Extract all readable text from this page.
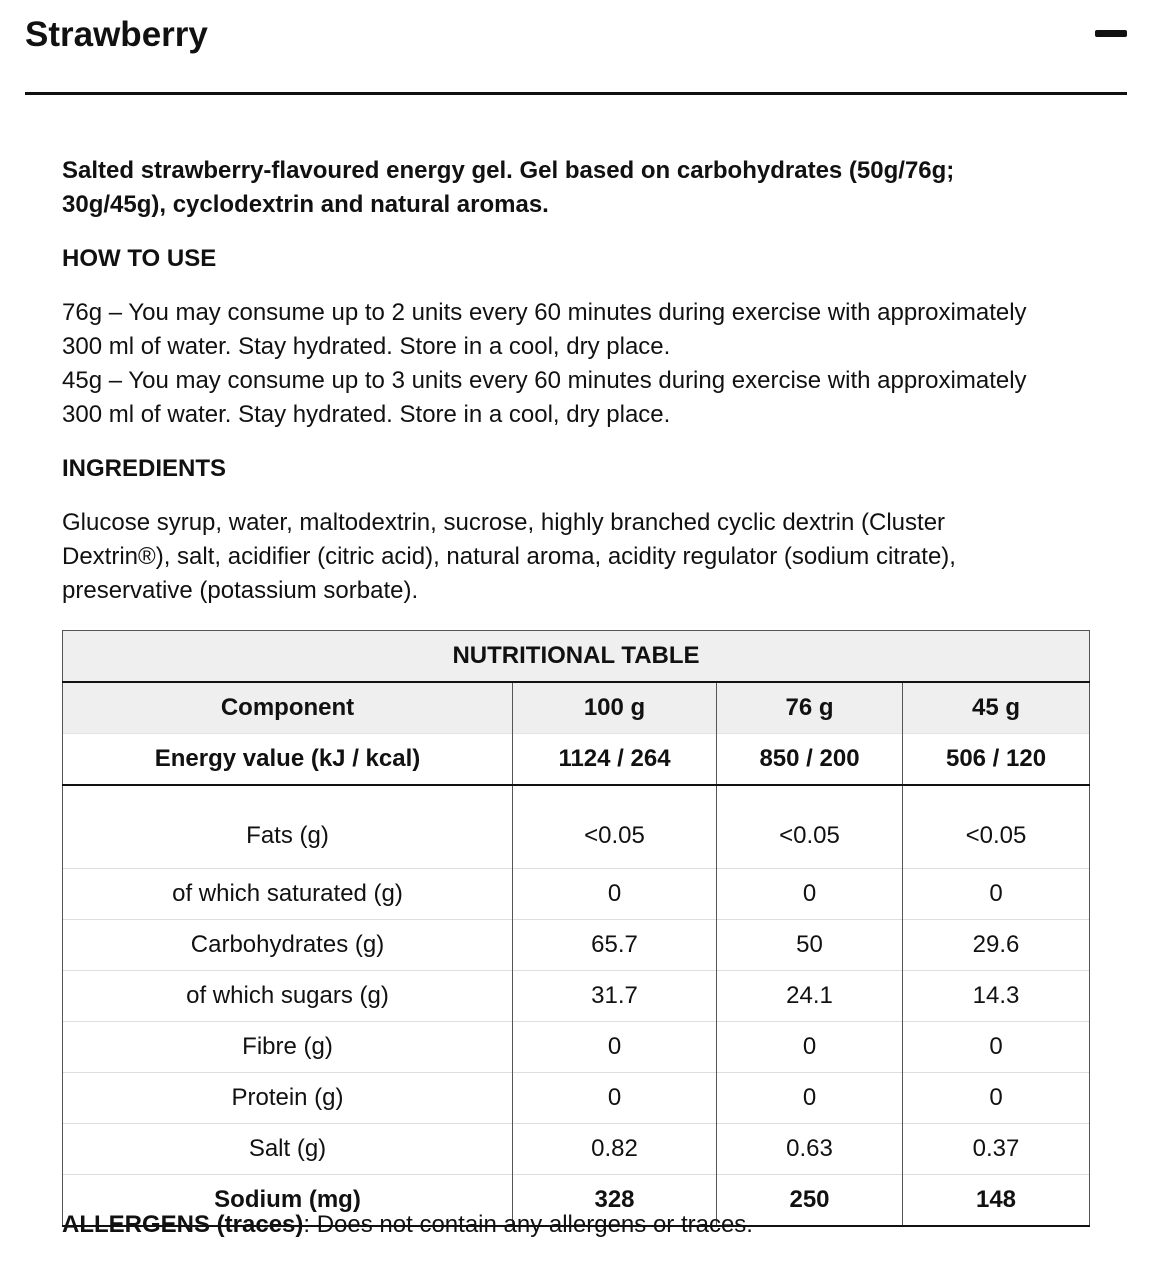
Strawberry

Salted strawberry-flavoured energy gel. Gel based on carbohydrates (50g/76g; 30g/45g), cyclodextrin and natural aromas.

HOW TO USE

76g – You may consume up to 2 units every 60 minutes during exercise with approximately 300 ml of water. Stay hydrated. Store in a cool, dry place.

45g – You may consume up to 3 units every 60 minutes during exercise with approximately 300 ml of water. Stay hydrated. Store in a cool, dry place.

INGREDIENTS

Glucose syrup, water, maltodextrin, sucrose, highly branched cyclic dextrin (Cluster Dextrin®), salt, acidifier (citric acid), natural aroma, acidity regulator (sodium citrate), preservative (potassium sorbate).

NUTRITIONAL TABLE			
Component	100 g	76 g	45 g
Energy value (kJ / kcal)	1124 / 264	850 / 200	506 / 120
Fats (g)	<0.05	<0.05	<0.05
of which saturated (g)	0	0	0
Carbohydrates (g)	65.7	50	29.6
of which sugars (g)	31.7	24.1	14.3
Fibre (g)	0	0	0
Protein (g)	0	0	0
Salt (g)	0.82	0.63	0.37
Sodium (mg)	328	250	148

ALLERGENS (traces): Does not contain any allergens or traces.
